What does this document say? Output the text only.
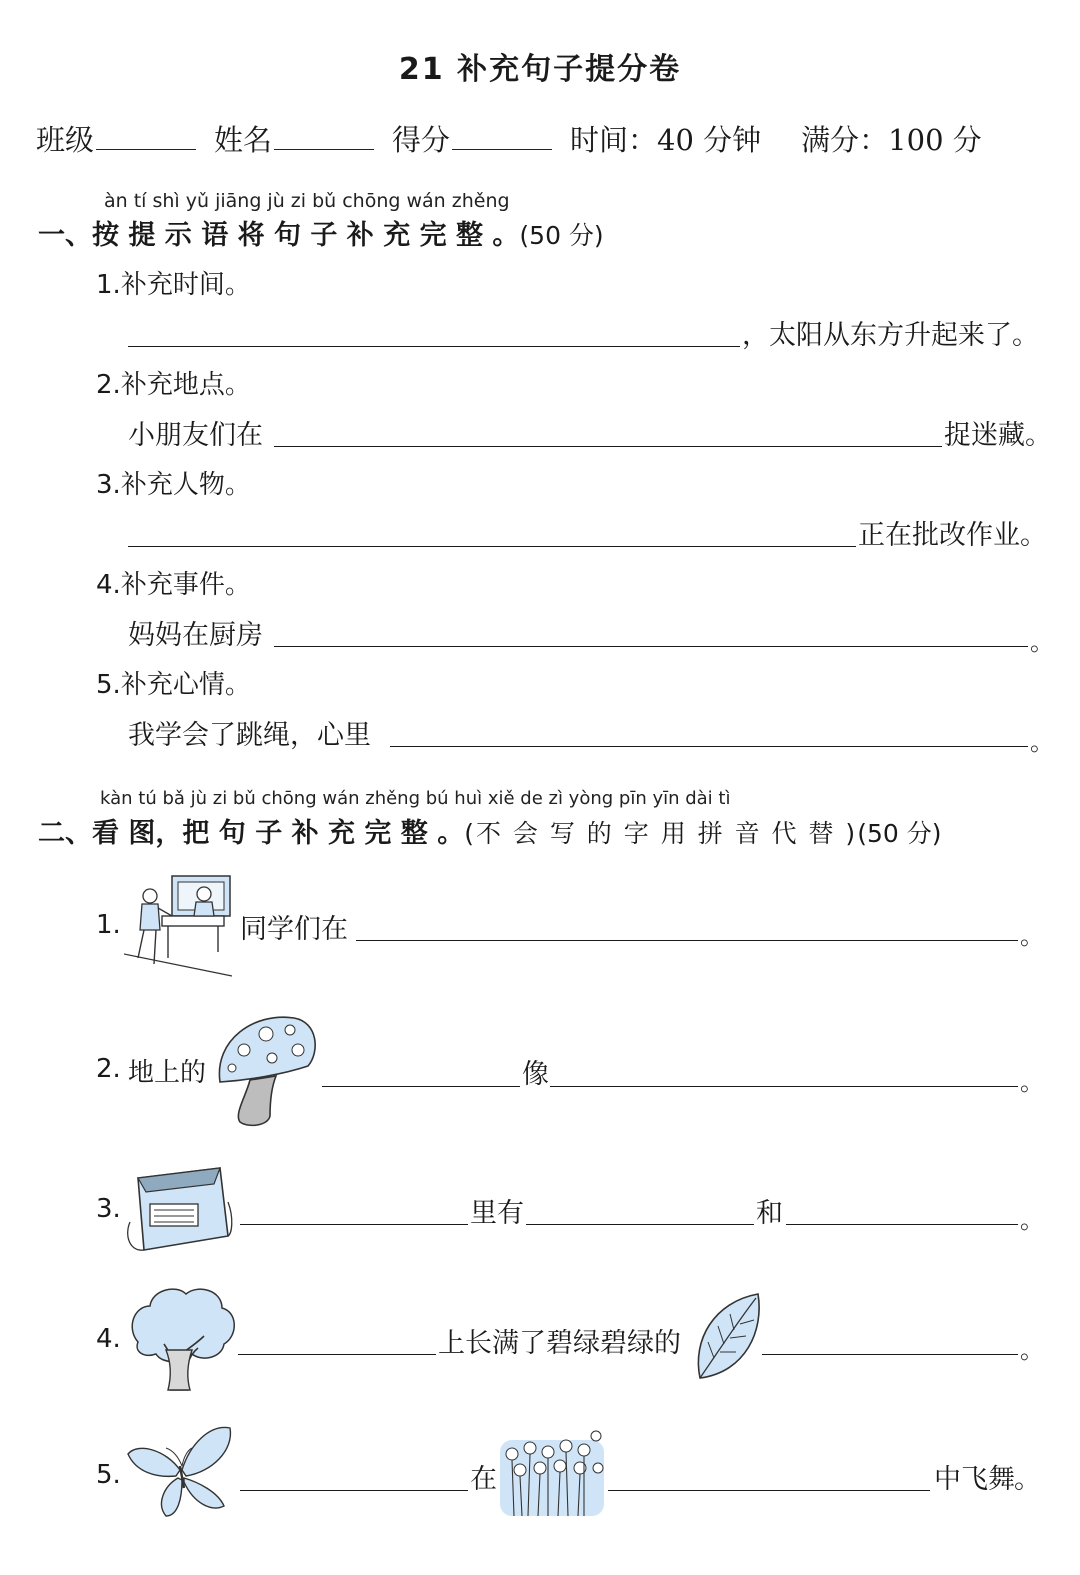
21 补充句子提分卷
班级	姓名	得分	时间：40 分钟 满分：100 分
àn tí shì yǔ jiāng jù zi bǔ chōng wán zhěng
一、按 提 示 语 将 句 子 补 充 完 整 。(50 分)
1.补充时间。
，太阳从东方升起来了。
2.补充地点。
小朋友们在	捉迷藏。
3.补充人物。
正在批改作业。
4.补充事件。
妈妈在厨房	。
5.补充心情。
我学会了跳绳，心里	。
kàn tú bǎ jù zi bǔ chōng wán zhěng bú huì xiě de zì yòng pīn yīn dài tì
二、看 图，把 句 子 补 充 完 整 。(不 会 写 的 字 用 拼 音 代 替 )(50 分)
1.	同学们在	。
2. 地上的	像	。
3.	里有	和	。
4.	上长满了碧绿碧绿的	。
5.	在	中飞舞 。
